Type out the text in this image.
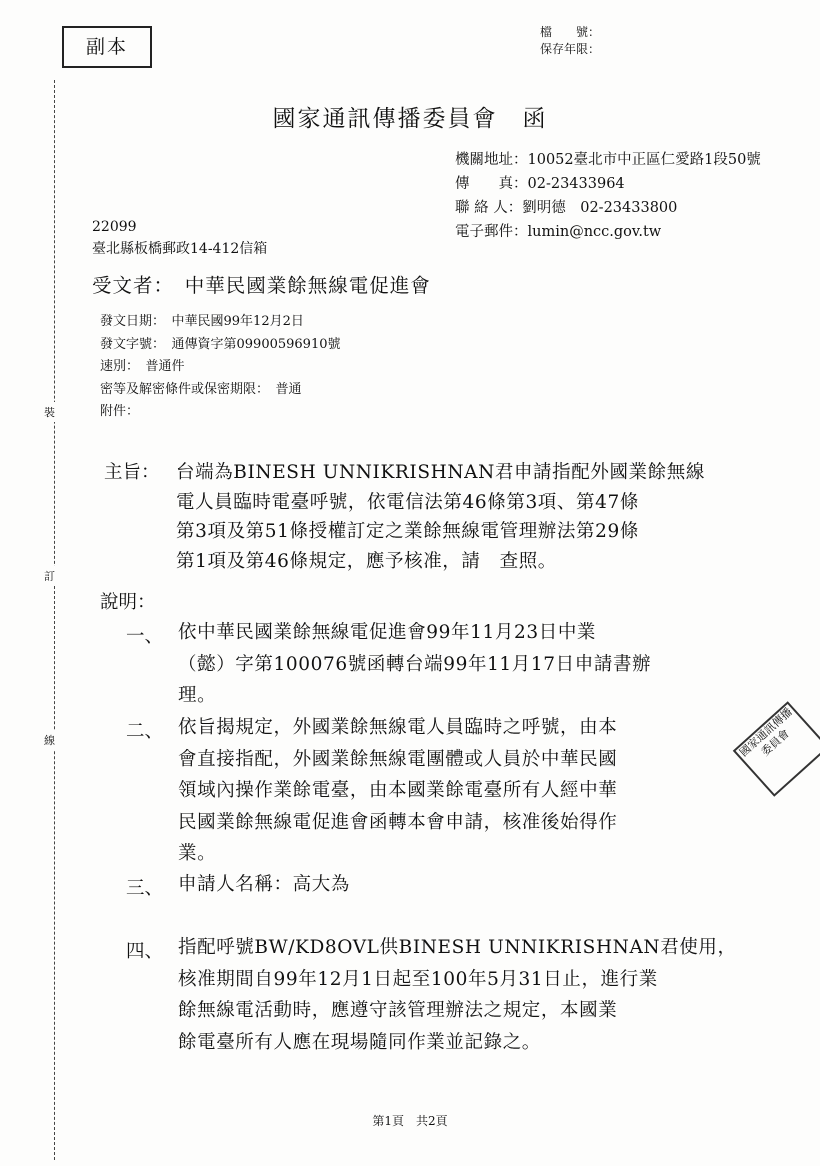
副本
檔　　號：
保存年限：
裝
訂
線
國家通訊傳播委員會　函
機關地址：10052臺北市中正區仁愛路1段50號
傳　　真：02-23433964
聯 絡 人：劉明德　02-23433800
電子郵件：lumin@ncc.gov.tw
22099
臺北縣板橋郵政14-412信箱
受文者：　中華民國業餘無線電促進會
發文日期：　中華民國99年12月2日
發文字號：　通傳資字第09900596910號
速別：　普通件
密等及解密條件或保密期限：　普通
附件：
主旨： 台端為BINESH UNNIKRISHNAN君申請指配外國業餘無線
電人員臨時電臺呼號，依電信法第46條第3項、第47條
第3項及第51條授權訂定之業餘無線電管理辦法第29條
第1項及第46條規定，應予核准，請　查照。
說明：
一、 依中華民國業餘無線電促進會99年11月23日中業
（懿）字第100076號函轉台端99年11月17日申請書辦
理。
二、 依旨揭規定，外國業餘無線電人員臨時之呼號，由本
會直接指配，外國業餘無線電團體或人員於中華民國
領域內操作業餘電臺，由本國業餘電臺所有人經中華
民國業餘無線電促進會函轉本會申請，核准後始得作
業。
三、 申請人名稱：高大為
四、 指配呼號BW/KD8OVL供BINESH UNNIKRISHNAN君使用，
核准期間自99年12月1日起至100年5月31日止，進行業
餘無線電活動時，應遵守該管理辦法之規定，本國業
餘電臺所有人應在現場隨同作業並記錄之。
國家通訊傳播委員會
第1頁　共2頁
